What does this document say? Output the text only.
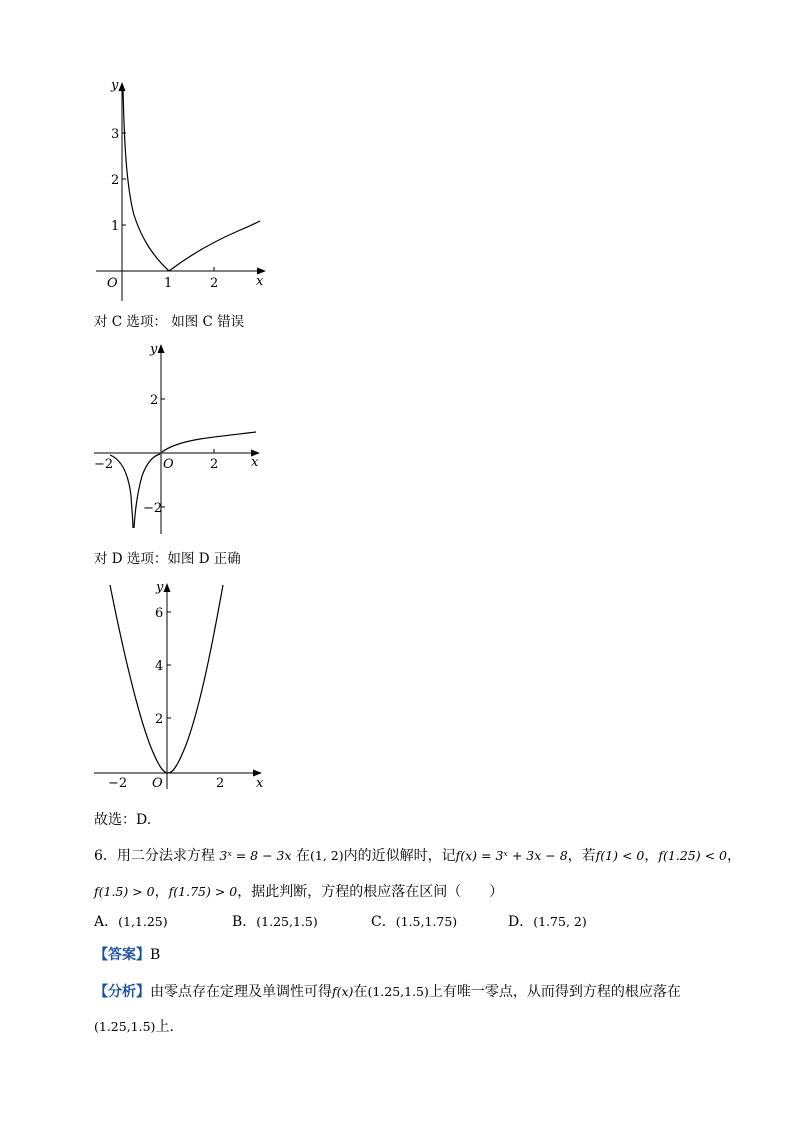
y
x
O	1	2
1
2
3
对 C 选项： 如图 C 错误
y
x
O
−2	2
2
−2
对 D 选项：如图 D 正确
y
x
O
−2	2
2
4
6
故选：D.
6．用二分法求方程 3ˣ = 8 − 3x 在(1, 2)内的近似解时，记f(x) = 3ˣ + 3x − 8，若f(1) < 0，f(1.25) < 0，
f(1.5) > 0，f(1.75) > 0，据此判断，方程的根应落在区间（　　）
A．(1,1.25)	B．(1.25,1.5)	C．(1.5,1.75)	D．(1.75, 2)
【答案】B
【分析】由零点存在定理及单调性可得f(x)在(1.25,1.5)上有唯一零点，从而得到方程的根应落在
(1.25,1.5)上.
